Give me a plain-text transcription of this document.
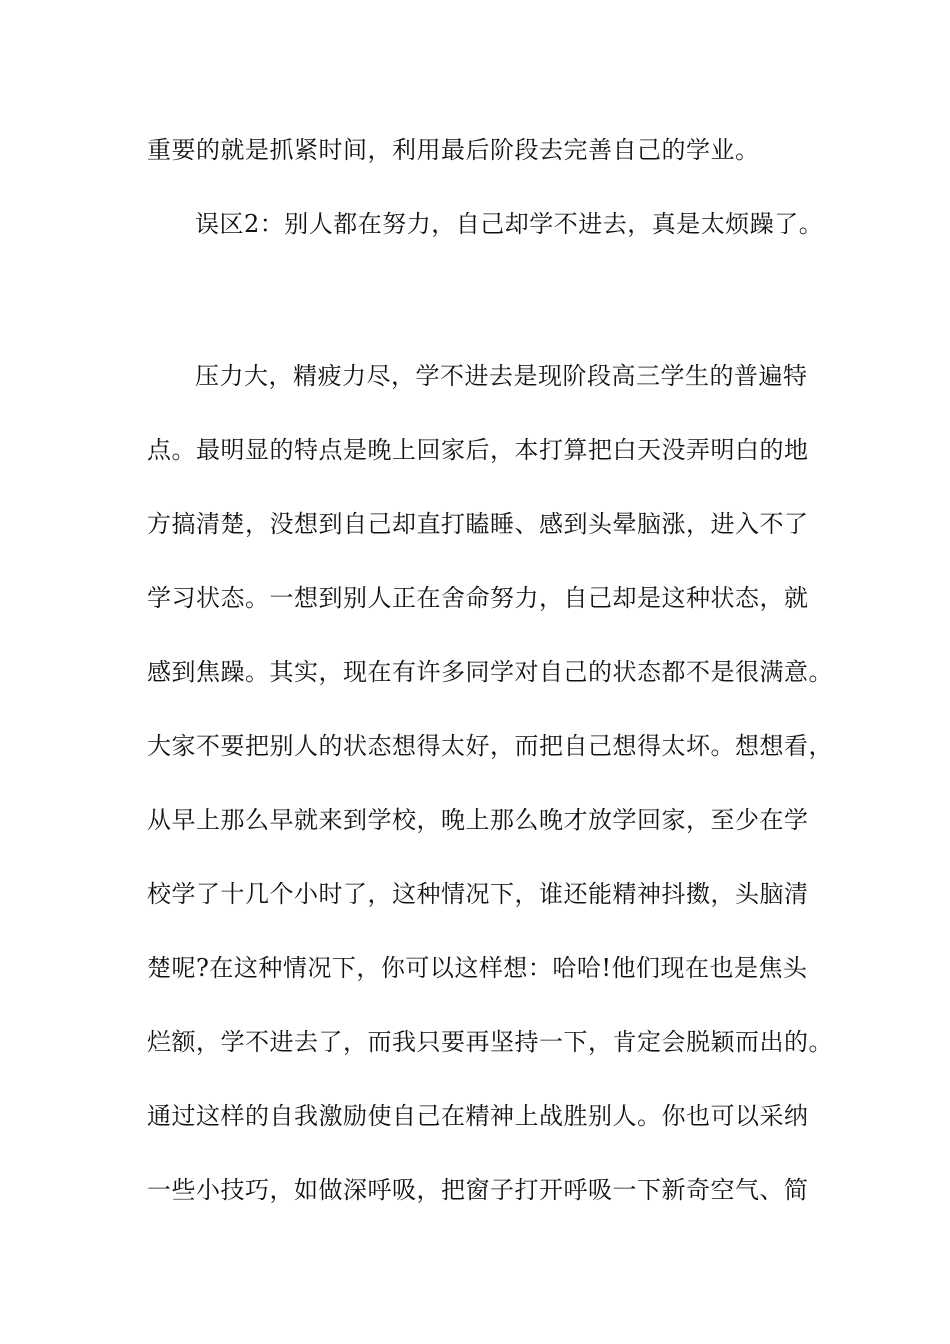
重要的就是抓紧时间，利用最后阶段去完善自己的学业。
误区2：别人都在努力，自己却学不进去，真是太烦躁了。
压力大，精疲力尽，学不进去是现阶段高三学生的普遍特
点。最明显的特点是晚上回家后，本打算把白天没弄明白的地
方搞清楚，没想到自己却直打瞌睡、感到头晕脑涨，进入不了
学习状态。一想到别人正在舍命努力，自己却是这种状态，就
感到焦躁。其实，现在有许多同学对自己的状态都不是很满意。
大家不要把别人的状态想得太好，而把自己想得太坏。想想看，
从早上那么早就来到学校，晚上那么晚才放学回家，至少在学
校学了十几个小时了，这种情况下，谁还能精神抖擞，头脑清
楚呢?在这种情况下，你可以这样想：哈哈!他们现在也是焦头
烂额，学不进去了，而我只要再坚持一下，肯定会脱颖而出的。
通过这样的自我激励使自己在精神上战胜别人。你也可以采纳
一些小技巧，如做深呼吸，把窗子打开呼吸一下新奇空气、简
